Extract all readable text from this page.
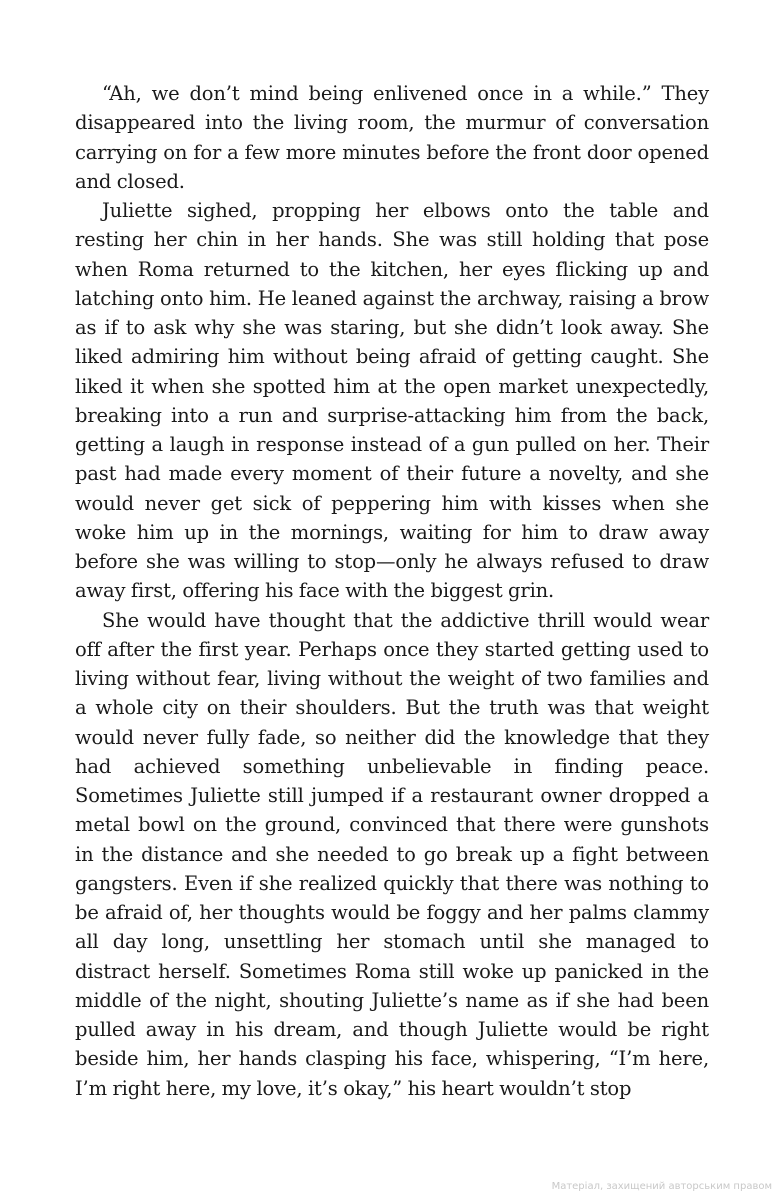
“Ah, we don’t mind being enlivened once in a while.” They disappeared into the living room, the murmur of conversation carrying on for a few more minutes before the front door opened and closed.

Juliette sighed, propping her elbows onto the table and resting her chin in her hands. She was still holding that pose when Roma returned to the kitchen, her eyes flicking up and latching onto him. He leaned against the archway, raising a brow as if to ask why she was staring, but she didn’t look away. She liked admiring him without being afraid of getting caught. She liked it when she spotted him at the open market unexpectedly, breaking into a run and surprise-attacking him from the back, getting a laugh in response instead of a gun pulled on her. Their past had made every moment of their future a novelty, and she would never get sick of peppering him with kisses when she woke him up in the mornings, waiting for him to draw away before she was willing to stop—only he always refused to draw away first, offering his face with the biggest grin.

She would have thought that the addictive thrill would wear off after the first year. Perhaps once they started getting used to living without fear, living without the weight of two families and a whole city on their shoulders. But the truth was that weight would never fully fade, so neither did the knowledge that they had achieved something unbelievable in finding peace. Sometimes Juliette still jumped if a restaurant owner dropped a metal bowl on the ground, convinced that there were gunshots in the distance and she needed to go break up a fight between gangsters. Even if she realized quickly that there was nothing to be afraid of, her thoughts would be foggy and her palms clammy all day long, unsettling her stomach until she managed to distract herself. Sometimes Roma still woke up panicked in the middle of the night, shouting Juliette’s name as if she had been pulled away in his dream, and though Juliette would be right beside him, her hands clasping his face, whispering, “I’m here, I’m right here, my love, it’s okay,” his heart wouldn’t stop

Матеріал, захищений авторським правом
